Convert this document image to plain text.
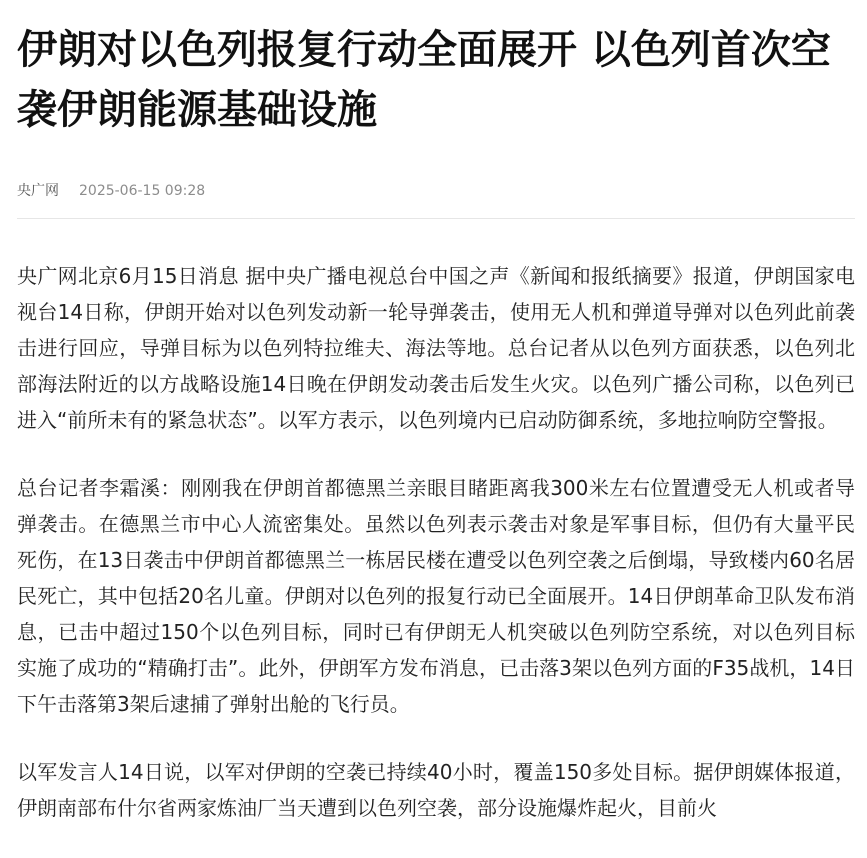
伊朗对以色列报复行动全面展开 以色列首次空袭伊朗能源基础设施
央广网 2025-06-15 09:28

央广网北京6月15日消息 据中央广播电视总台中国之声《新闻和报纸摘要》报道，伊朗国家电视台14日称，伊朗开始对以色列发动新一轮导弹袭击，使用无人机和弹道导弹对以色列此前袭击进行回应，导弹目标为以色列特拉维夫、海法等地。总台记者从以色列方面获悉，以色列北部海法附近的以方战略设施14日晚在伊朗发动袭击后发生火灾。以色列广播公司称，以色列已进入“前所未有的紧急状态”。以军方表示，以色列境内已启动防御系统，多地拉响防空警报。

总台记者李霜溪：刚刚我在伊朗首都德黑兰亲眼目睹距离我300米左右位置遭受无人机或者导弹袭击。在德黑兰市中心人流密集处。虽然以色列表示袭击对象是军事目标，但仍有大量平民死伤，在13日袭击中伊朗首都德黑兰一栋居民楼在遭受以色列空袭之后倒塌，导致楼内60名居民死亡，其中包括20名儿童。伊朗对以色列的报复行动已全面展开。14日伊朗革命卫队发布消息，已击中超过150个以色列目标，同时已有伊朗无人机突破以色列防空系统，对以色列目标实施了成功的“精确打击”。此外，伊朗军方发布消息，已击落3架以色列方面的F35战机，14日下午击落第3架后逮捕了弹射出舱的飞行员。

以军发言人14日说，以军对伊朗的空袭已持续40小时，覆盖150多处目标。据伊朗媒体报道，伊朗南部布什尔省两家炼油厂当天遭到以色列空袭，部分设施爆炸起火，目前火
